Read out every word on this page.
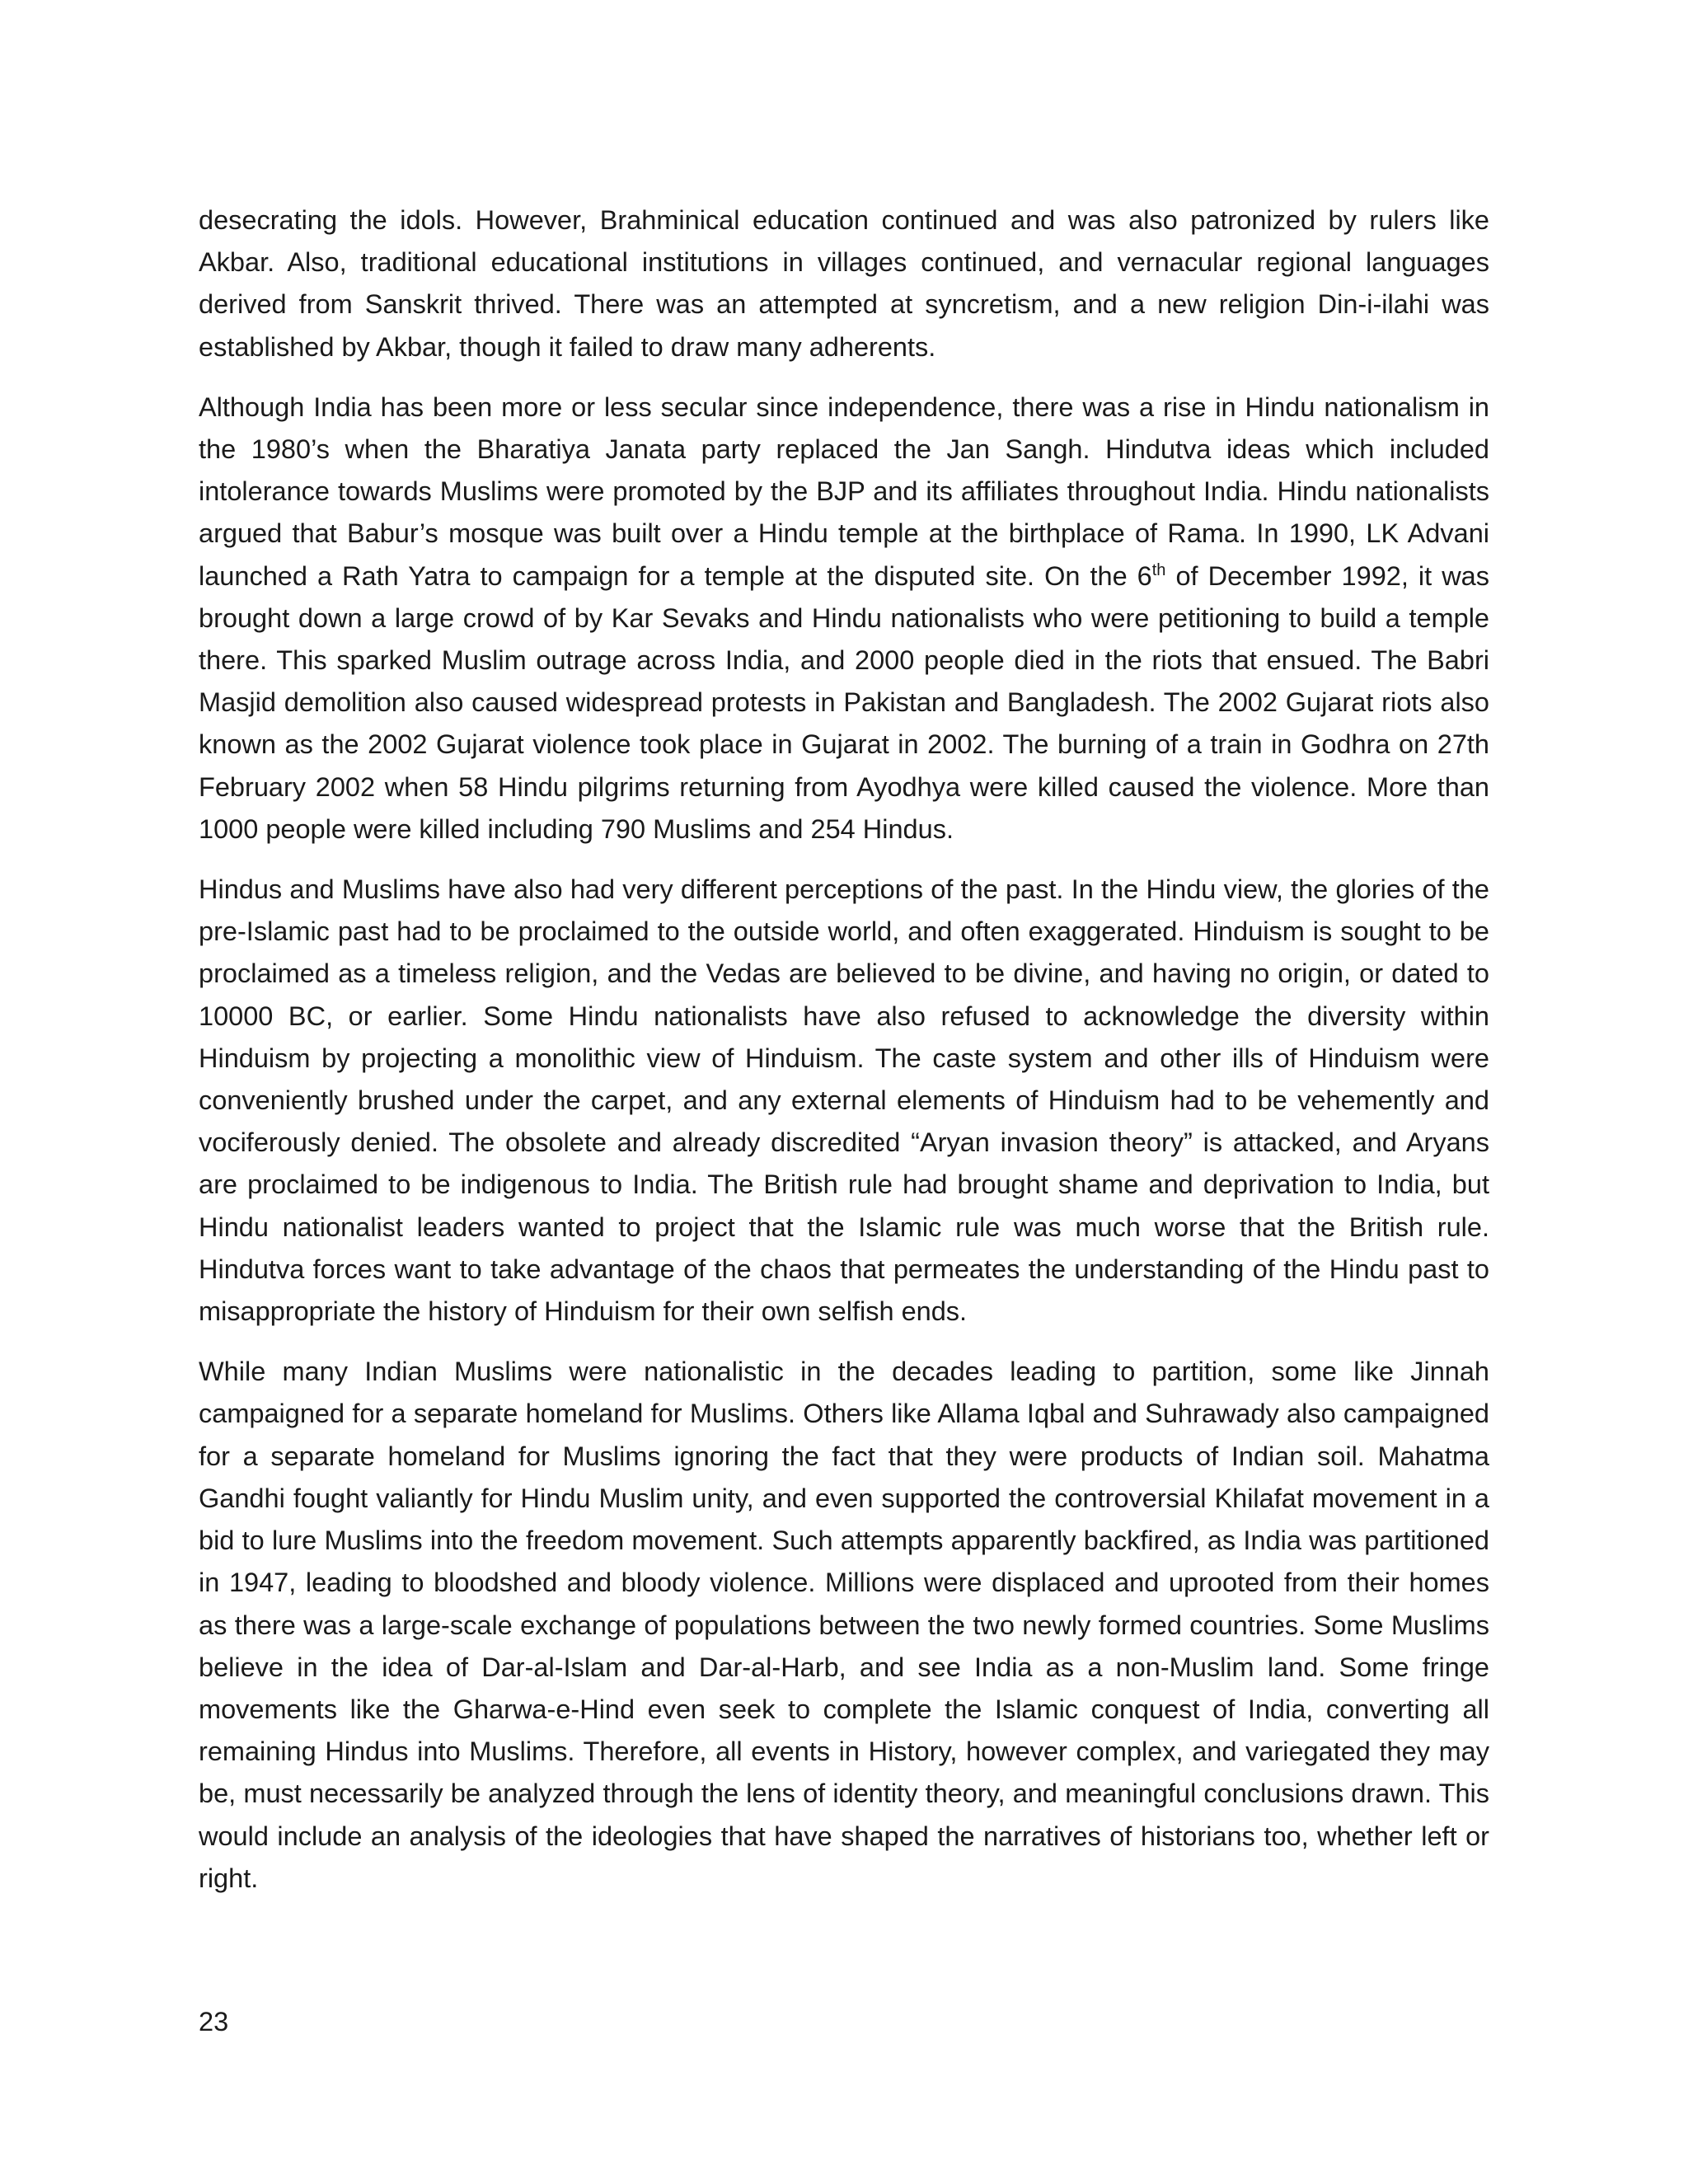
desecrating the idols. However, Brahminical education continued and was also patronized by rulers like Akbar. Also, traditional educational institutions in villages continued, and vernacular regional languages derived from Sanskrit thrived. There was an attempted at syncretism, and a new religion Din-i-ilahi was established by Akbar, though it failed to draw many adherents.

Although India has been more or less secular since independence, there was a rise in Hindu nationalism in the 1980’s when the Bharatiya Janata party replaced the Jan Sangh. Hindutva ideas which included intolerance towards Muslims were promoted by the BJP and its affiliates throughout India. Hindu nationalists argued that Babur’s mosque was built over a Hindu temple at the birthplace of Rama. In 1990, LK Advani launched a Rath Yatra to campaign for a temple at the disputed site. On the 6th of December 1992, it was brought down a large crowd of by Kar Sevaks and Hindu nationalists who were petitioning to build a temple there. This sparked Muslim outrage across India, and 2000 people died in the riots that ensued. The Babri Masjid demolition also caused widespread protests in Pakistan and Bangladesh. The 2002 Gujarat riots also known as the 2002 Gujarat violence took place in Gujarat in 2002. The burning of a train in Godhra on 27th February 2002 when 58 Hindu pilgrims returning from Ayodhya were killed caused the violence. More than 1000 people were killed including 790 Muslims and 254 Hindus.

Hindus and Muslims have also had very different perceptions of the past. In the Hindu view, the glories of the pre-Islamic past had to be proclaimed to the outside world, and often exaggerated. Hinduism is sought to be proclaimed as a timeless religion, and the Vedas are believed to be divine, and having no origin, or dated to 10000 BC, or earlier. Some Hindu nationalists have also refused to acknowledge the diversity within Hinduism by projecting a monolithic view of Hinduism. The caste system and other ills of Hinduism were conveniently brushed under the carpet, and any external elements of Hinduism had to be vehemently and vociferously denied. The obsolete and already discredited “Aryan invasion theory” is attacked, and Aryans are proclaimed to be indigenous to India. The British rule had brought shame and deprivation to India, but Hindu nationalist leaders wanted to project that the Islamic rule was much worse that the British rule. Hindutva forces want to take advantage of the chaos that permeates the understanding of the Hindu past to misappropriate the history of Hinduism for their own selfish ends.

While many Indian Muslims were nationalistic in the decades leading to partition, some like Jinnah campaigned for a separate homeland for Muslims. Others like Allama Iqbal and Suhrawady also campaigned for a separate homeland for Muslims ignoring the fact that they were products of Indian soil. Mahatma Gandhi fought valiantly for Hindu Muslim unity, and even supported the controversial Khilafat movement in a bid to lure Muslims into the freedom movement. Such attempts apparently backfired, as India was partitioned in 1947, leading to bloodshed and bloody violence. Millions were displaced and uprooted from their homes as there was a large-scale exchange of populations between the two newly formed countries. Some Muslims believe in the idea of Dar-al-Islam and Dar-al-Harb, and see India as a non-Muslim land. Some fringe movements like the Gharwa-e-Hind even seek to complete the Islamic conquest of India, converting all remaining Hindus into Muslims. Therefore, all events in History, however complex, and variegated they may be, must necessarily be analyzed through the lens of identity theory, and meaningful conclusions drawn. This would include an analysis of the ideologies that have shaped the narratives of historians too, whether left or right.

23
